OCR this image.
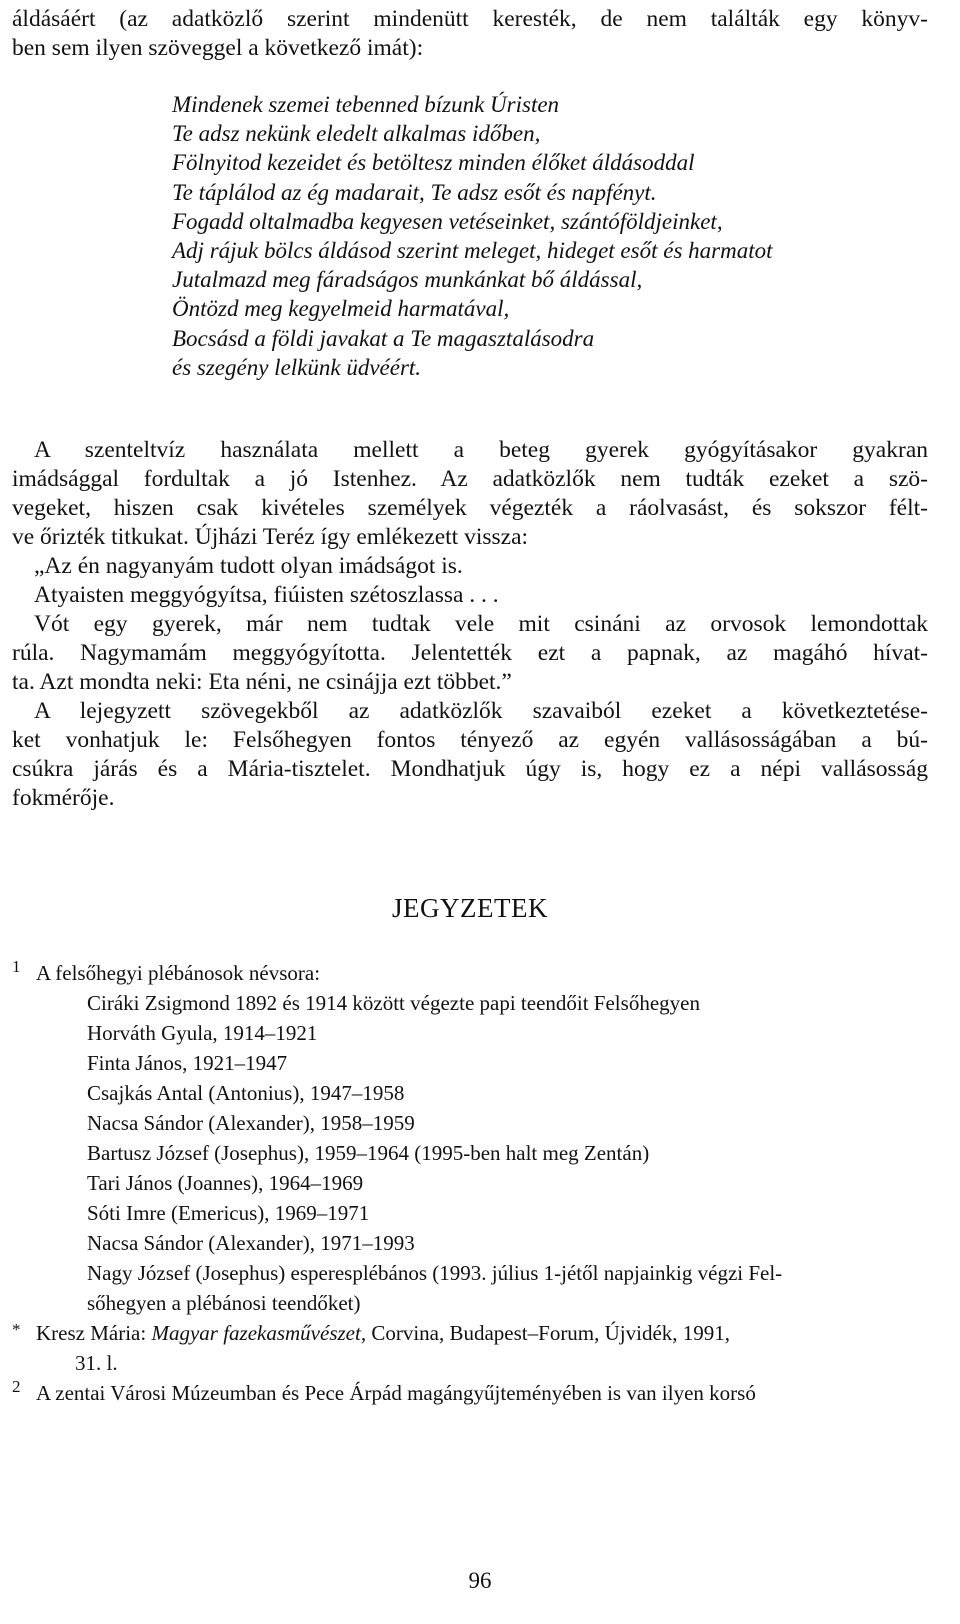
áldásáért (az adatközlő szerint mindenütt keresték, de nem találták egy könyv-
ben sem ilyen szöveggel a következő imát):
Mindenek szemei tebenned bízunk Úristen
Te adsz nekünk eledelt alkalmas időben,
Fölnyitod kezeidet és betöltesz minden élőket áldásoddal
Te táplálod az ég madarait, Te adsz esőt és napfényt.
Fogadd oltalmadba kegyesen vetéseinket, szántóföldjeinket,
Adj rájuk bölcs áldásod szerint meleget, hideget esőt és harmatot
Jutalmazd meg fáradságos munkánkat bő áldással,
Öntözd meg kegyelmeid harmatával,
Bocsásd a földi javakat a Te magasztalásodra
és szegény lelkünk üdvéért.
A szenteltvíz használata mellett a beteg gyerek gyógyításakor gyakran
imádsággal fordultak a jó Istenhez. Az adatközlők nem tudták ezeket a szö-
vegeket, hiszen csak kivételes személyek végezték a ráolvasást, és sokszor félt-
ve őrizték titkukat. Újházi Teréz így emlékezett vissza:
„Az én nagyanyám tudott olyan imádságot is.
Atyaisten meggyógyítsa, fiúisten szétoszlassa . . .
Vót egy gyerek, már nem tudtak vele mit csináni az orvosok lemondottak
rúla. Nagymamám meggyógyította. Jelentették ezt a papnak, az magáhó hívat-
ta. Azt mondta neki: Eta néni, ne csinájja ezt többet.”
A lejegyzett szövegekből az adatközlők szavaiból ezeket a következtetése-
ket vonhatjuk le: Felsőhegyen fontos tényező az egyén vallásosságában a bú-
csúkra járás és a Mária-tisztelet. Mondhatjuk úgy is, hogy ez a népi vallásosság
fokmérője.
JEGYZETEK
1 A felsőhegyi plébánosok névsora:
Ciráki Zsigmond 1892 és 1914 között végezte papi teendőit Felsőhegyen
Horváth Gyula, 1914–1921
Finta János, 1921–1947
Csajkás Antal (Antonius), 1947–1958
Nacsa Sándor (Alexander), 1958–1959
Bartusz József (Josephus), 1959–1964 (1995-ben halt meg Zentán)
Tari János (Joannes), 1964–1969
Sóti Imre (Emericus), 1969–1971
Nacsa Sándor (Alexander), 1971–1993
Nagy József (Josephus) esperesplébános (1993. július 1-jétől napjainkig végzi Fel-
sőhegyen a plébánosi teendőket)
* Kresz Mária: Magyar fazekasművészet, Corvina, Budapest–Forum, Újvidék, 1991,
31. l.
2 A zentai Városi Múzeumban és Pece Árpád magángyűjteményében is van ilyen korsó
96
